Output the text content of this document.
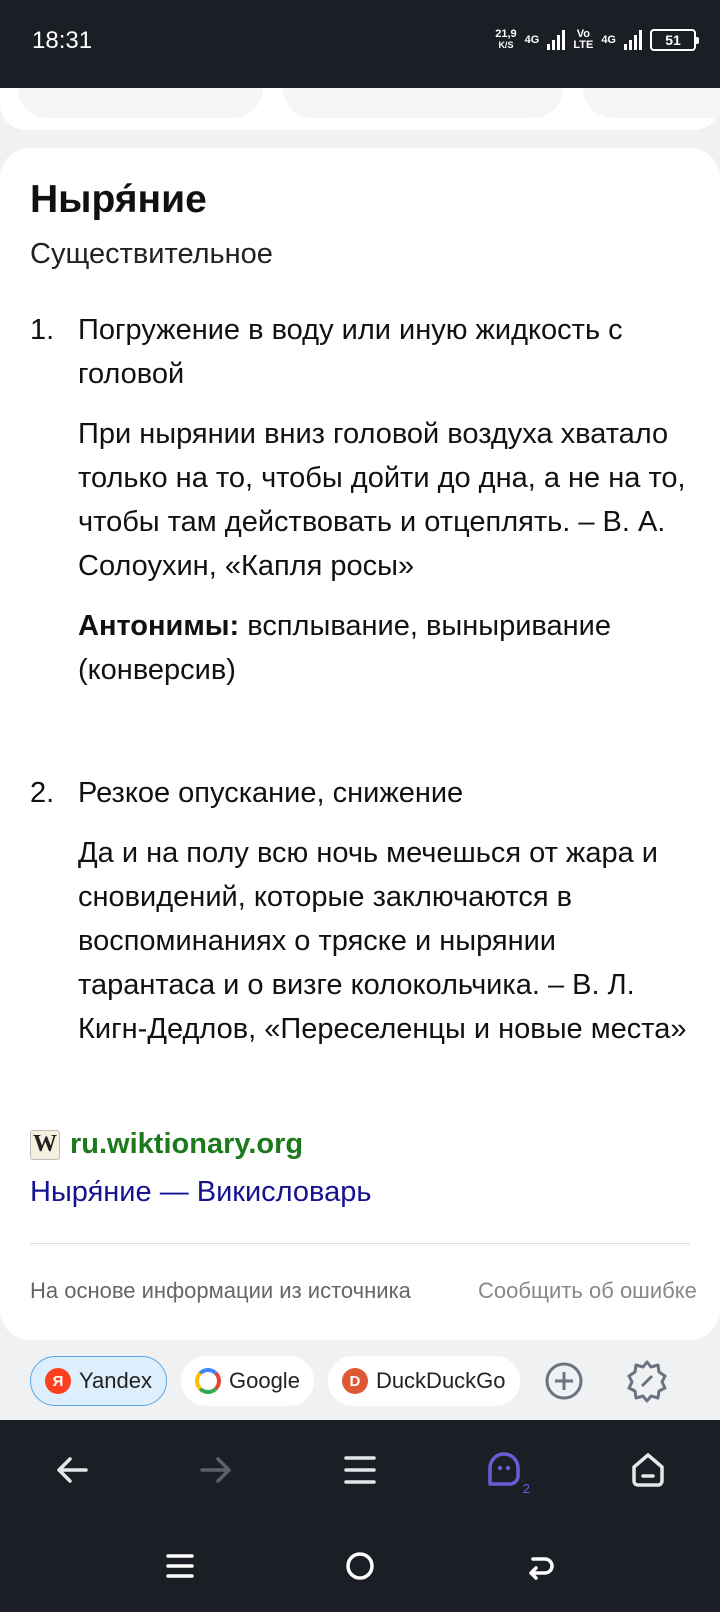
18:31	21,9
K/S 4G	Vo
LTE 4G	51
Ныря́ние
Существительное
1. Погружение в воду или иную жидкость с головой
При нырянии вниз головой воздуха хватало только на то, чтобы дойти до дна, а не на то, чтобы там действовать и отцеплять. – В. А. Солоухин, «Капля росы»
Антонимы: всплывание, выныривание (конверсив)
2. Резкое опускание, снижение
Да и на полу всю ночь мечешься от жара и сновидений, которые заключаются в воспоминаниях о тряске и нырянии тарантаса и о визге колокольчика. – В. Л. Кигн-Дедлов, «Переселенцы и новые места»
W ru.wiktionary.org
Ныря́ние — Викисловарь
На основе информации из источника	Сообщить об ошибке
Я Yandex	Google	D DuckDuckGo
2
